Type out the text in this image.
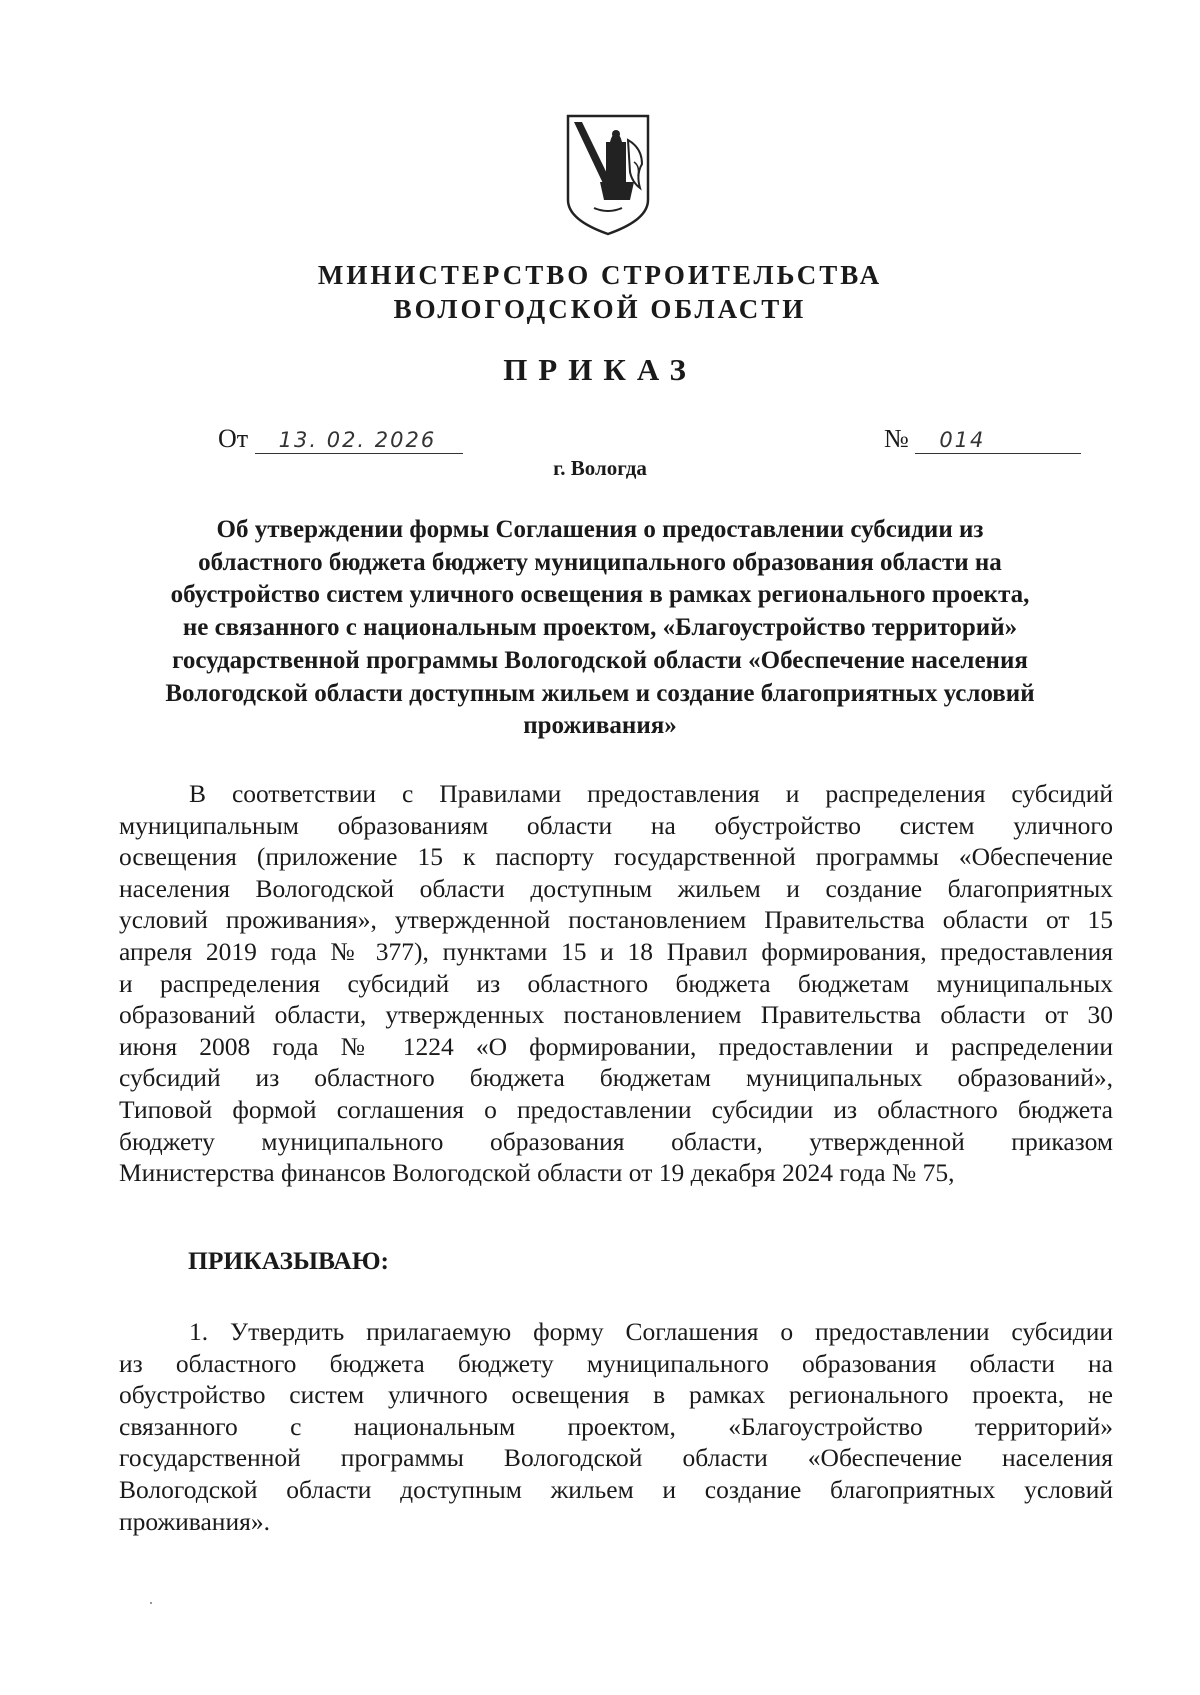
МИНИСТЕРСТВО СТРОИТЕЛЬСТВА
ВОЛОГОДСКОЙ ОБЛАСТИ
ПРИКАЗ
От 13. 02. 2026	№ 014
г. Вологда
Об утверждении формы Соглашения о предоставлении субсидии из
областного бюджета бюджету муниципального образования области на
обустройство систем уличного освещения в рамках регионального проекта,
не связанного с национальным проектом, «Благоустройство территорий»
государственной программы Вологодской области «Обеспечение населения
Вологодской области доступным жильем и создание благоприятных условий
проживания»
В соответствии с Правилами предоставления и распределения субсидий
муниципальным образованиям области на обустройство систем уличного
освещения (приложение 15 к паспорту государственной программы «Обеспечение
населения Вологодской области доступным жильем и создание благоприятных
условий проживания», утвержденной постановлением Правительства области от 15
апреля 2019 года № 377), пунктами 15 и 18 Правил формирования, предоставления
и распределения субсидий из областного бюджета бюджетам муниципальных
образований области, утвержденных постановлением Правительства области от 30
июня 2008 года № 1224 «О формировании, предоставлении и распределении
субсидий из областного бюджета бюджетам муниципальных образований»,
Типовой формой соглашения о предоставлении субсидии из областного бюджета
бюджету муниципального образования области, утвержденной приказом
Министерства финансов Вологодской области от 19 декабря 2024 года № 75,
ПРИКАЗЫВАЮ:
1. Утвердить прилагаемую форму Соглашения о предоставлении субсидии
из областного бюджета бюджету муниципального образования области на
обустройство систем уличного освещения в рамках регионального проекта, не
связанного с национальным проектом, «Благоустройство территорий»
государственной программы Вологодской области «Обеспечение населения
Вологодской области доступным жильем и создание благоприятных условий
проживания».
